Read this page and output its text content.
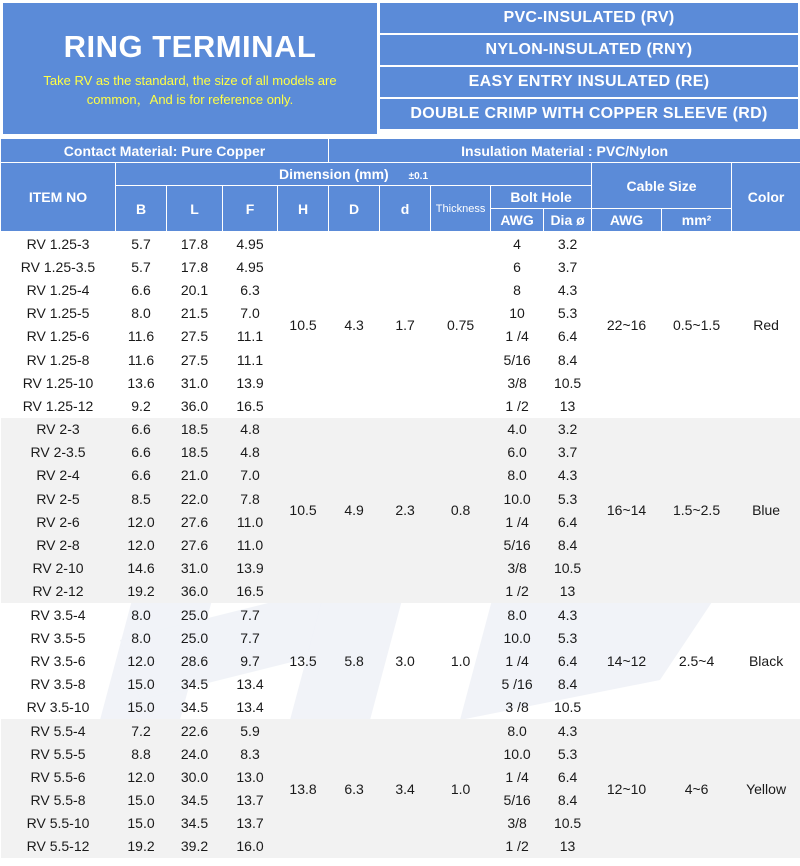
RING TERMINAL
Take RV as the standard, the size of all models are
common，And is for reference only.
PVC-INSULATED (RV)
NYLON-INSULATED (RNY)
EASY ENTRY INSULATED (RE)
DOUBLE CRIMP WITH COPPER SLEEVE (RD)
Contact Material: Pure Copper					Insulation Material : PVC/Nylon							
ITEM NO	Dimension (mm) ±0.1									Cable Size		Color
	B	L	F	H	D	d	Thickness	Bolt Hole				
								AWG	Dia ø	AWG	mm²	
RV 1.25-3	5.7	17.8	4.95	10.5	4.3	1.7	0.75	4	3.2	22~16	0.5~1.5	Red
RV 1.25-3.5	5.7	17.8	4.95					6	3.7			
RV 1.25-4	6.6	20.1	6.3					8	4.3			
RV 1.25-5	8.0	21.5	7.0					10	5.3			
RV 1.25-6	11.6	27.5	11.1					1 /4	6.4			
RV 1.25-8	11.6	27.5	11.1					5/16	8.4			
RV 1.25-10	13.6	31.0	13.9					3/8	10.5			
RV 1.25-12	9.2	36.0	16.5					1 /2	13			
RV 2-3	6.6	18.5	4.8	10.5	4.9	2.3	0.8	4.0	3.2	16~14	1.5~2.5	Blue
RV 2-3.5	6.6	18.5	4.8					6.0	3.7			
RV 2-4	6.6	21.0	7.0					8.0	4.3			
RV 2-5	8.5	22.0	7.8					10.0	5.3			
RV 2-6	12.0	27.6	11.0					1 /4	6.4			
RV 2-8	12.0	27.6	11.0					5/16	8.4			
RV 2-10	14.6	31.0	13.9					3/8	10.5			
RV 2-12	19.2	36.0	16.5					1 /2	13			
RV 3.5-4	8.0	25.0	7.7	13.5	5.8	3.0	1.0	8.0	4.3	14~12	2.5~4	Black
RV 3.5-5	8.0	25.0	7.7					10.0	5.3			
RV 3.5-6	12.0	28.6	9.7					1 /4	6.4			
RV 3.5-8	15.0	34.5	13.4					5 /16	8.4			
RV 3.5-10	15.0	34.5	13.4					3 /8	10.5			
RV 5.5-4	7.2	22.6	5.9	13.8	6.3	3.4	1.0	8.0	4.3	12~10	4~6	Yellow
RV 5.5-5	8.8	24.0	8.3					10.0	5.3			
RV 5.5-6	12.0	30.0	13.0					1 /4	6.4			
RV 5.5-8	15.0	34.5	13.7					5/16	8.4			
RV 5.5-10	15.0	34.5	13.7					3/8	10.5			
RV 5.5-12	19.2	39.2	16.0					1 /2	13			
